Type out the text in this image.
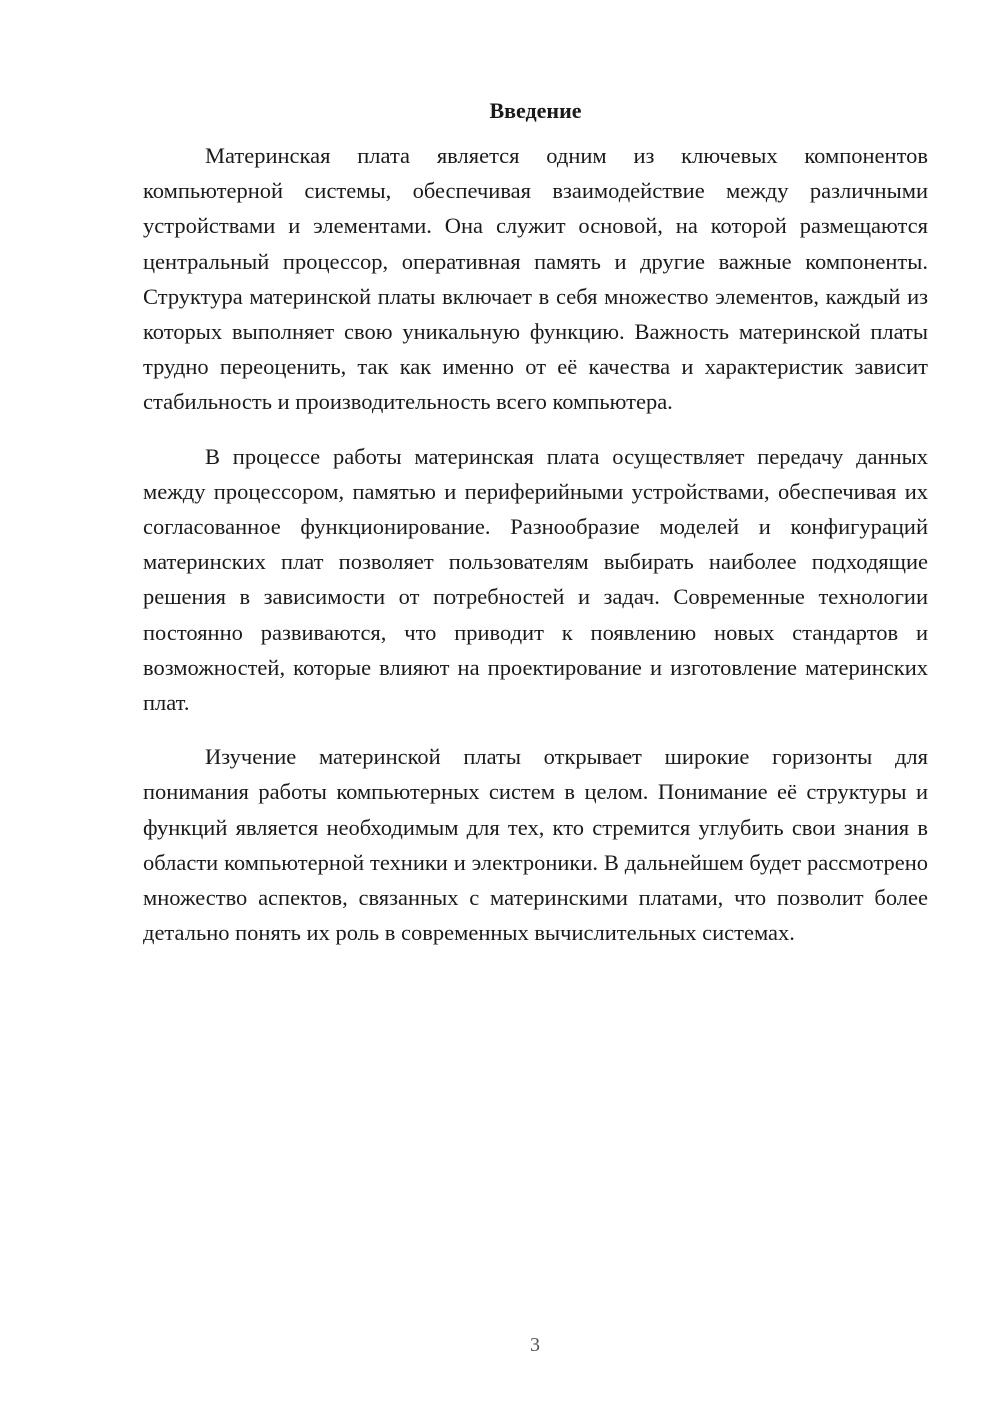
Введение

Материнская плата является одним из ключевых компонентов компьютерной системы, обеспечивая взаимодействие между различными устройствами и элементами. Она служит основой, на которой размещаются центральный процессор, оперативная память и другие важные компоненты. Структура материнской платы включает в себя множество элементов, каждый из которых выполняет свою уникальную функцию. Важность материнской платы трудно переоценить, так как именно от её качества и характеристик зависит стабильность и производительность всего компьютера.

В процессе работы материнская плата осуществляет передачу данных между процессором, памятью и периферийными устройствами, обеспечивая их согласованное функционирование. Разнообразие моделей и конфигураций материнских плат позволяет пользователям выбирать наиболее подходящие решения в зависимости от потребностей и задач. Современные технологии постоянно развиваются, что приводит к появлению новых стандартов и возможностей, которые влияют на проектирование и изготовление материнских плат.

Изучение материнской платы открывает широкие горизонты для понимания работы компьютерных систем в целом. Понимание её структуры и функций является необходимым для тех, кто стремится углубить свои знания в области компьютерной техники и электроники. В дальнейшем будет рассмотрено множество аспектов, связанных с материнскими платами, что позволит более детально понять их роль в современных вычислительных системах.

3
